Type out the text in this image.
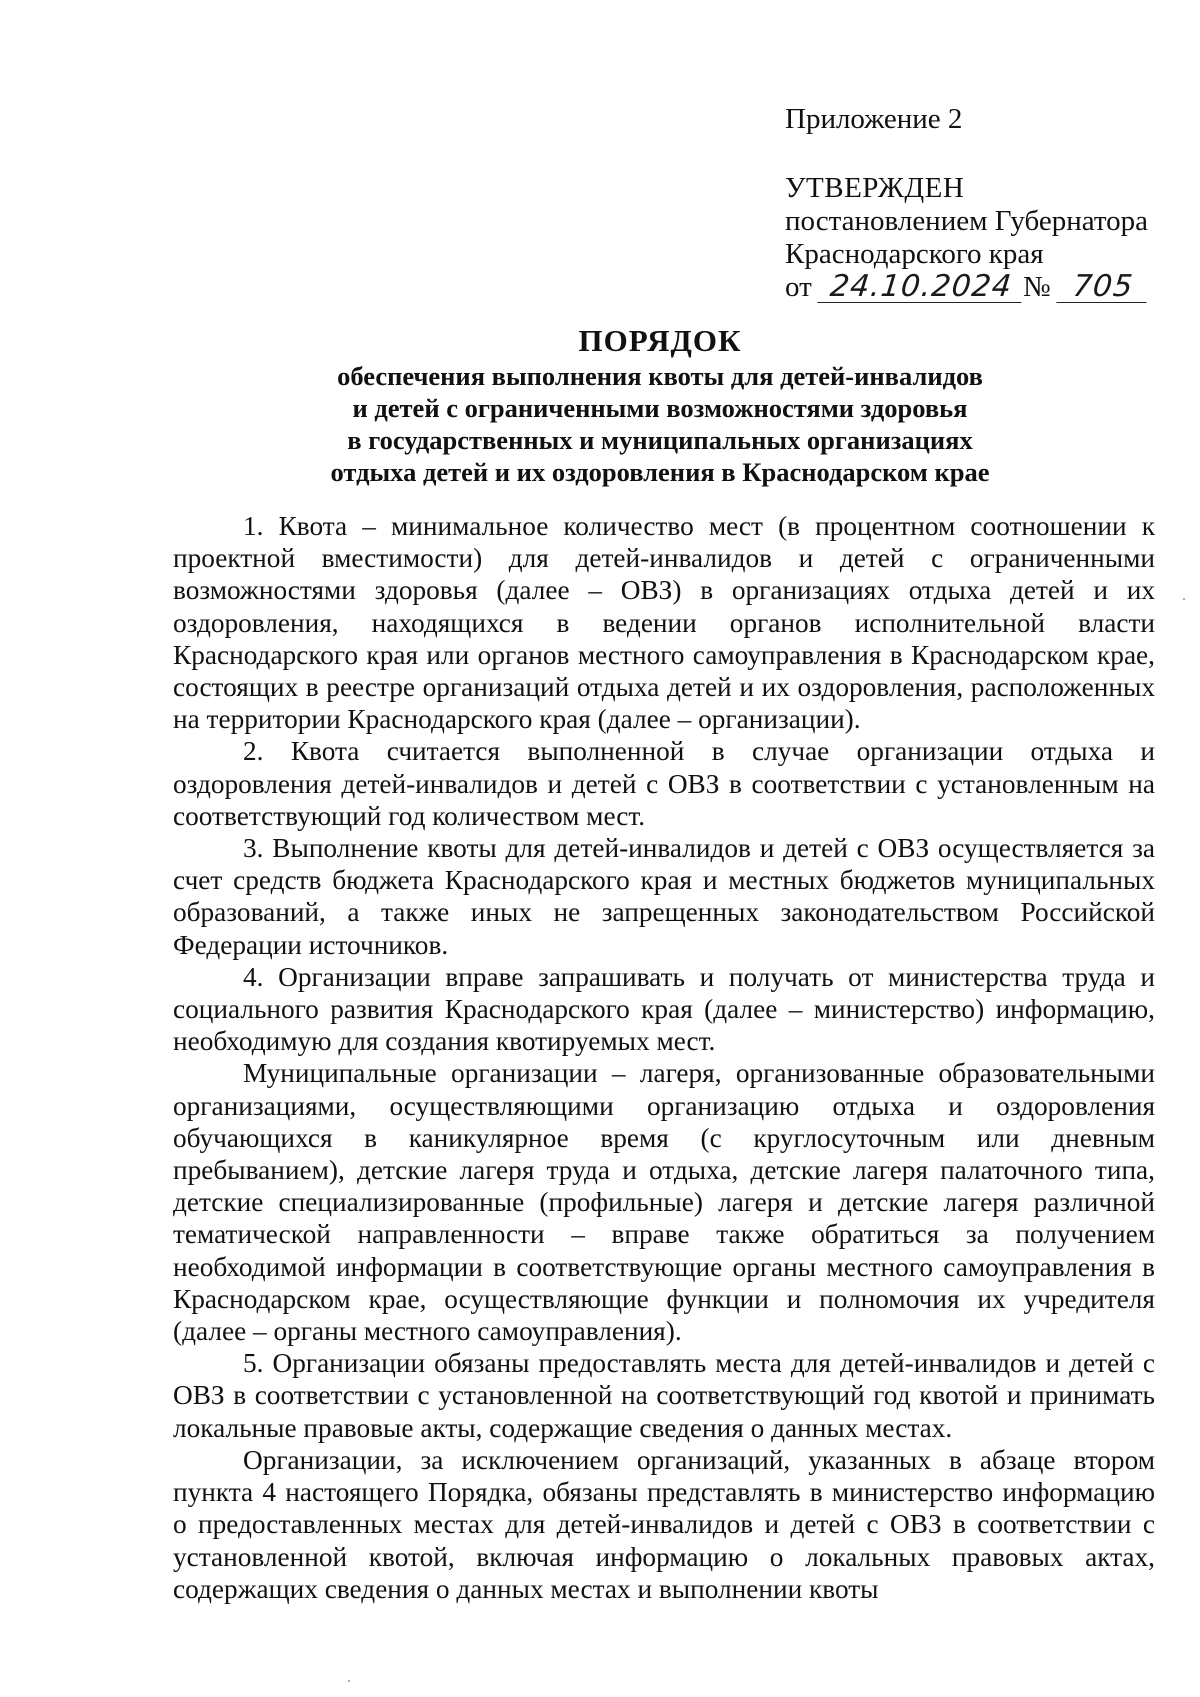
Приложение 2
УТВЕРЖДЕН
постановлением Губернатора
Краснодарского края
от 24.10.2024 № 705
ПОРЯДОК
обеспечения выполнения квоты для детей-инвалидов
и детей с ограниченными возможностями здоровья
в государственных и муниципальных организациях
отдыха детей и их оздоровления в Краснодарском крае

1. Квота – минимальное количество мест (в процентном соотношении к проектной вместимости) для детей-инвалидов и детей с ограниченными возможностями здоровья (далее – ОВЗ) в организациях отдыха детей и их оздоровления, находящихся в ведении органов исполнительной власти Краснодарского края или органов местного самоуправления в Краснодарском крае, состоящих в реестре организаций отдыха детей и их оздоровления, расположенных на территории Краснодарского края (далее – организации).

2. Квота считается выполненной в случае организации отдыха и оздоровления детей-инвалидов и детей с ОВЗ в соответствии с установленным на соответствующий год количеством мест.

3. Выполнение квоты для детей-инвалидов и детей с ОВЗ осуществляется за счет средств бюджета Краснодарского края и местных бюджетов муниципальных образований, а также иных не запрещенных законодательством Российской Федерации источников.

4. Организации вправе запрашивать и получать от министерства труда и социального развития Краснодарского края (далее – министерство) информацию, необходимую для создания квотируемых мест.

Муниципальные организации – лагеря, организованные образовательными организациями, осуществляющими организацию отдыха и оздоровления обучающихся в каникулярное время (с круглосуточным или дневным пребыванием), детские лагеря труда и отдыха, детские лагеря палаточного типа, детские специализированные (профильные) лагеря и детские лагеря различной тематической направленности – вправе также обратиться за получением необходимой информации в соответствующие органы местного самоуправления в Краснодарском крае, осуществляющие функции и полномочия их учредителя (далее – органы местного самоуправления).

5. Организации обязаны предоставлять места для детей-инвалидов и детей с ОВЗ в соответствии с установленной на соответствующий год квотой и принимать локальные правовые акты, содержащие сведения о данных местах.

Организации, за исключением организаций, указанных в абзаце втором пункта 4 настоящего Порядка, обязаны представлять в министерство информацию о предоставленных местах для детей-инвалидов и детей с ОВЗ в соответствии с установленной квотой, включая информацию о локальных правовых актах, содержащих сведения о данных местах и выполнении квоты
